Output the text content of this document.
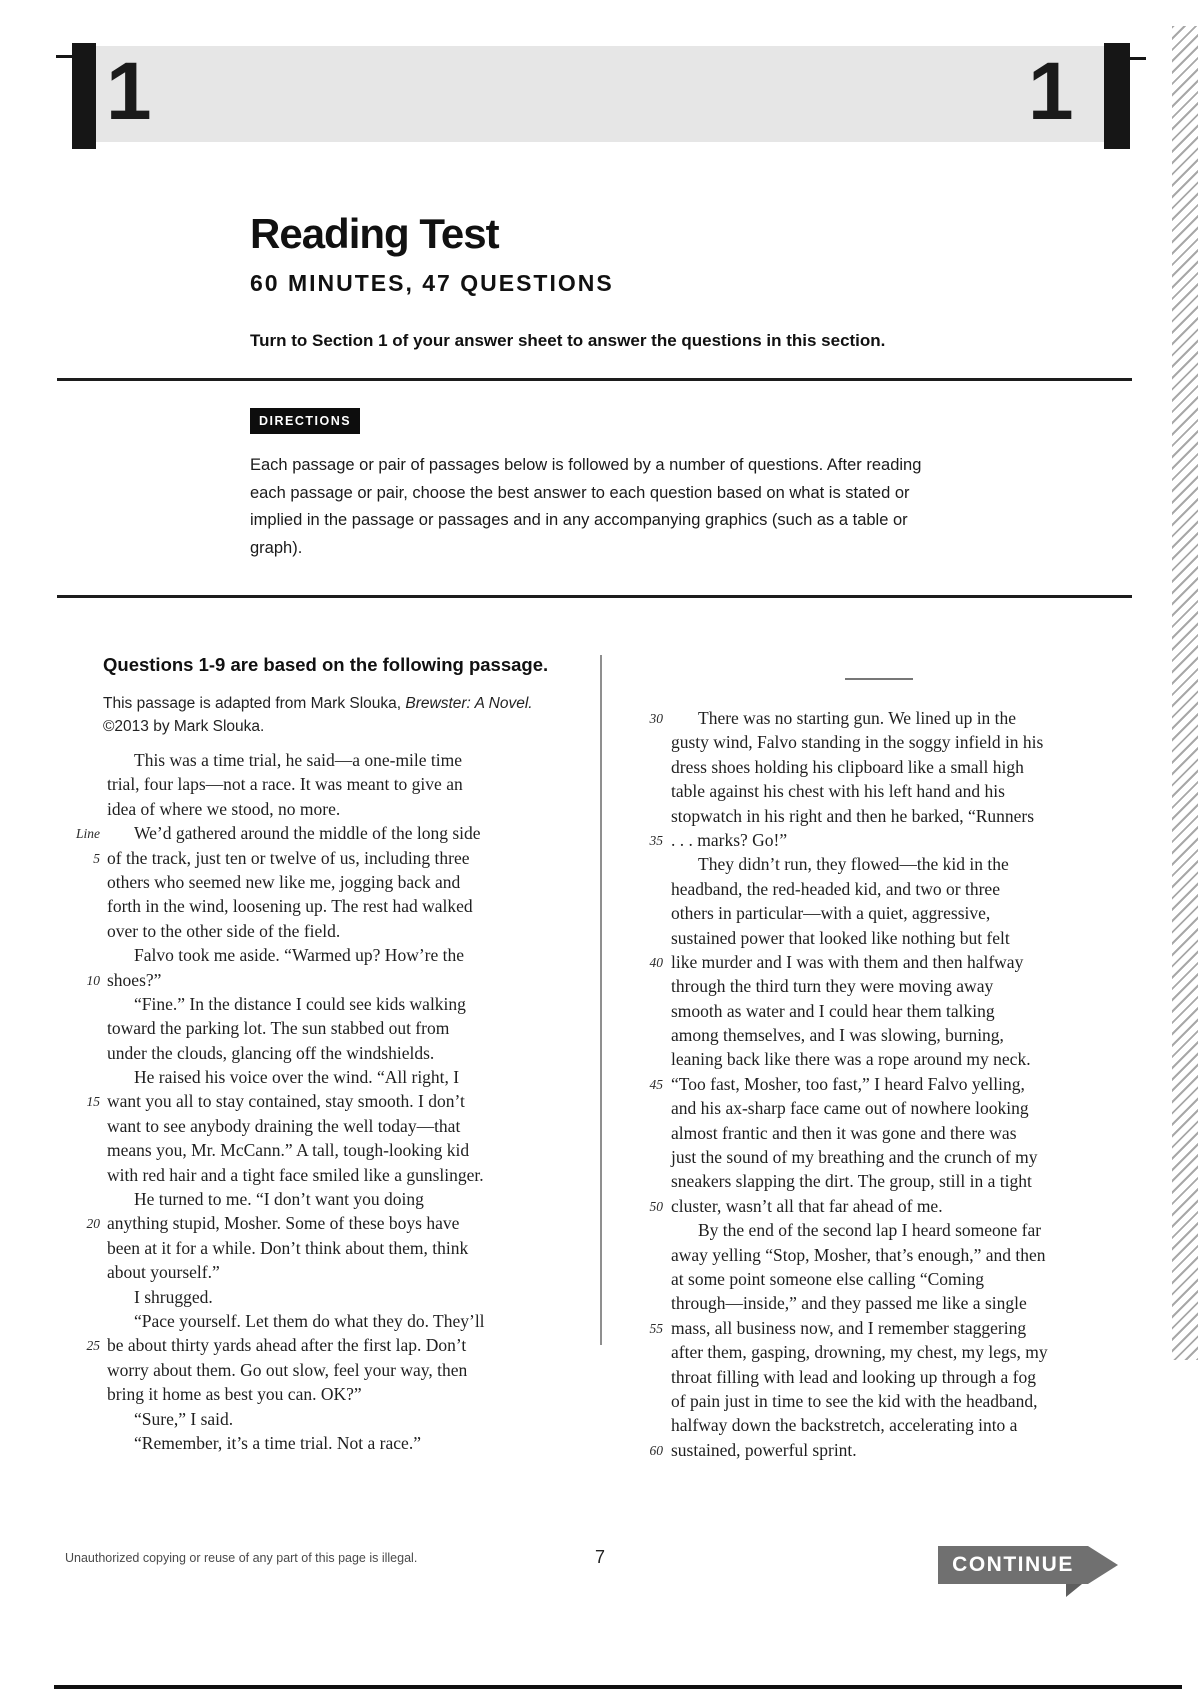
1	1
Reading Test
60 MINUTES, 47 QUESTIONS
Turn to Section 1 of your answer sheet to answer the questions in this section.
DIRECTIONS
Each passage or pair of passages below is followed by a number of questions. After reading
each passage or pair, choose the best answer to each question based on what is stated or
implied in the passage or passages and in any accompanying graphics (such as a table or
graph).
Questions 1-9 are based on the following passage.
This passage is adapted from Mark Slouka, Brewster: A Novel. ©2013 by Mark Slouka.
This was a time trial, he said—a one-mile time
trial, four laps—not a race. It was meant to give an
idea of where we stood, no more.
Line	We’d gathered around the middle of the long side
5 of the track, just ten or twelve of us, including three
others who seemed new like me, jogging back and
forth in the wind, loosening up. The rest had walked
over to the other side of the field.
Falvo took me aside. “Warmed up? How’re the
10 shoes?”
“Fine.” In the distance I could see kids walking
toward the parking lot. The sun stabbed out from
under the clouds, glancing off the windshields.
He raised his voice over the wind. “All right, I
15 want you all to stay contained, stay smooth. I don’t
want to see anybody draining the well today—that
means you, Mr. McCann.” A tall, tough-looking kid
with red hair and a tight face smiled like a gunslinger.
He turned to me. “I don’t want you doing
20 anything stupid, Mosher. Some of these boys have
been at it for a while. Don’t think about them, think
about yourself.”
I shrugged.
“Pace yourself. Let them do what they do. They’ll
25 be about thirty yards ahead after the first lap. Don’t
worry about them. Go out slow, feel your way, then
bring it home as best you can. OK?”
“Sure,” I said.
“Remember, it’s a time trial. Not a race.”
30	There was no starting gun. We lined up in the
gusty wind, Falvo standing in the soggy infield in his
dress shoes holding his clipboard like a small high
table against his chest with his left hand and his
stopwatch in his right and then he barked, “Runners
35 . . . marks? Go!”
They didn’t run, they flowed—the kid in the
headband, the red-headed kid, and two or three
others in particular—with a quiet, aggressive,
sustained power that looked like nothing but felt
40 like murder and I was with them and then halfway
through the third turn they were moving away
smooth as water and I could hear them talking
among themselves, and I was slowing, burning,
leaning back like there was a rope around my neck.
45 “Too fast, Mosher, too fast,” I heard Falvo yelling,
and his ax-sharp face came out of nowhere looking
almost frantic and then it was gone and there was
just the sound of my breathing and the crunch of my
sneakers slapping the dirt. The group, still in a tight
50 cluster, wasn’t all that far ahead of me.
By the end of the second lap I heard someone far
away yelling “Stop, Mosher, that’s enough,” and then
at some point someone else calling “Coming
through—inside,” and they passed me like a single
55 mass, all business now, and I remember staggering
after them, gasping, drowning, my chest, my legs, my
throat filling with lead and looking up through a fog
of pain just in time to see the kid with the headband,
halfway down the backstretch, accelerating into a
60 sustained, powerful sprint.
Unauthorized copying or reuse of any part of this page is illegal.	7	CONTINUE
